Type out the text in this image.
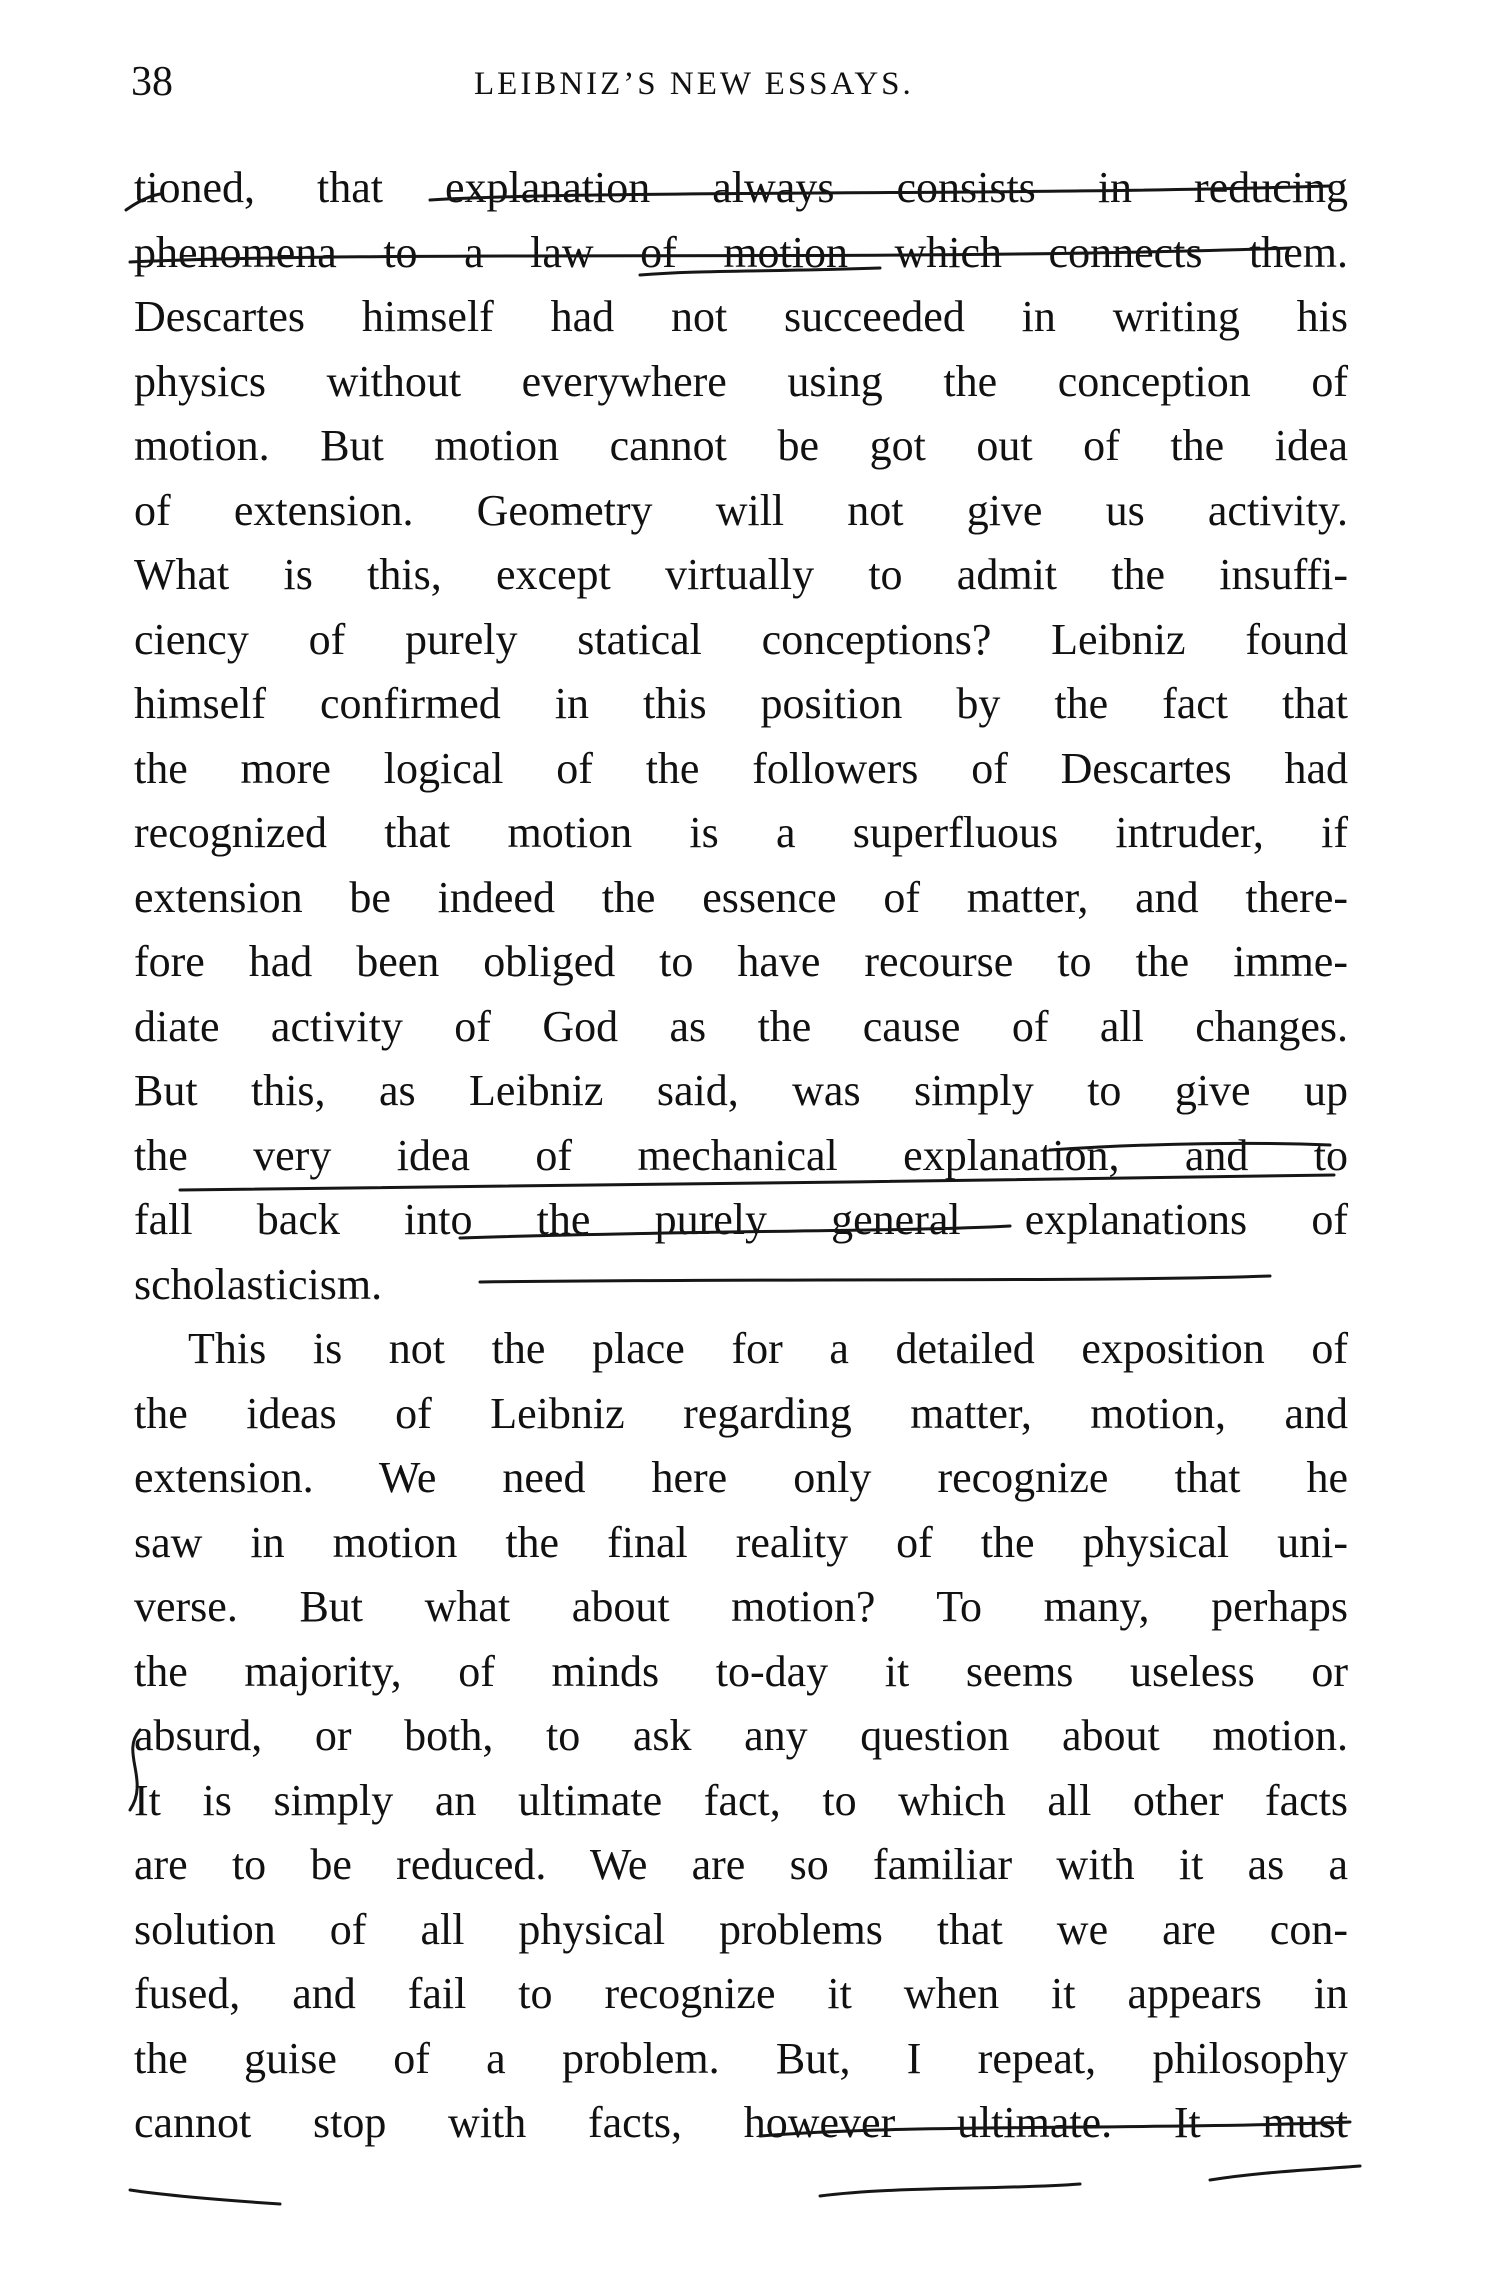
38	LEIBNIZ’S NEW ESSAYS.
tioned, that explanation always consists in reducing
phenomena to a law of motion which connects them.
Descartes himself had not succeeded in writing his
physics without everywhere using the conception of
motion. But motion cannot be got out of the idea
of extension. Geometry will not give us activity.
What is this, except virtually to admit the insuffi-
ciency of purely statical conceptions? Leibniz found
himself confirmed in this position by the fact that
the more logical of the followers of Descartes had
recognized that motion is a superfluous intruder, if
extension be indeed the essence of matter, and there-
fore had been obliged to have recourse to the imme-
diate activity of God as the cause of all changes.
But this, as Leibniz said, was simply to give up
the very idea of mechanical explanation, and to
fall back into the purely general explanations of
scholasticism.
This is not the place for a detailed exposition of
the ideas of Leibniz regarding matter, motion, and
extension. We need here only recognize that he
saw in motion the final reality of the physical uni-
verse. But what about motion? To many, perhaps
the majority, of minds to-day it seems useless or
absurd, or both, to ask any question about motion.
It is simply an ultimate fact, to which all other facts
are to be reduced. We are so familiar with it as a
solution of all physical problems that we are con-
fused, and fail to recognize it when it appears in
the guise of a problem. But, I repeat, philosophy
cannot stop with facts, however ultimate. It must
